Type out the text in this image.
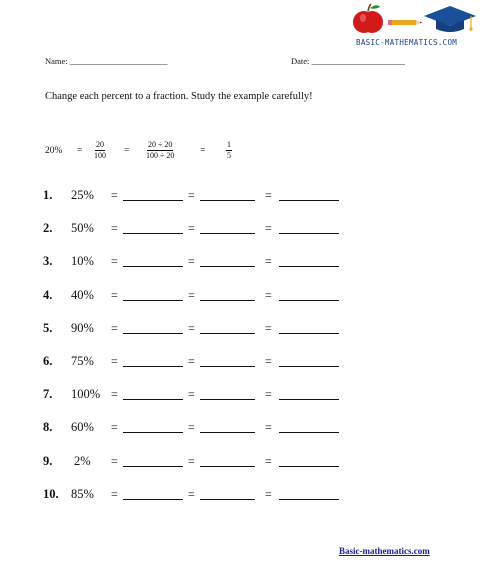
BASIC-MATHEMATICS.COM
Name: _______________________	Date: ______________________
Change each percent to a fraction. Study the example carefully!
$20\% = \frac{20}{100} = \frac{20 \div 20}{100 \div 20}$	=	$\frac{1}{5}$
1. 25% =	=	=
2. 50% =	=	=
3. 10% =	=	=
4. 40% =	=	=
5. 90% =	=	=
6. 75% =	=	=
7. 100% =	=	=
8. 60% =	=	=
9. 2% =	=	=
10. 85% =	=	=
Basic-mathematics.com
